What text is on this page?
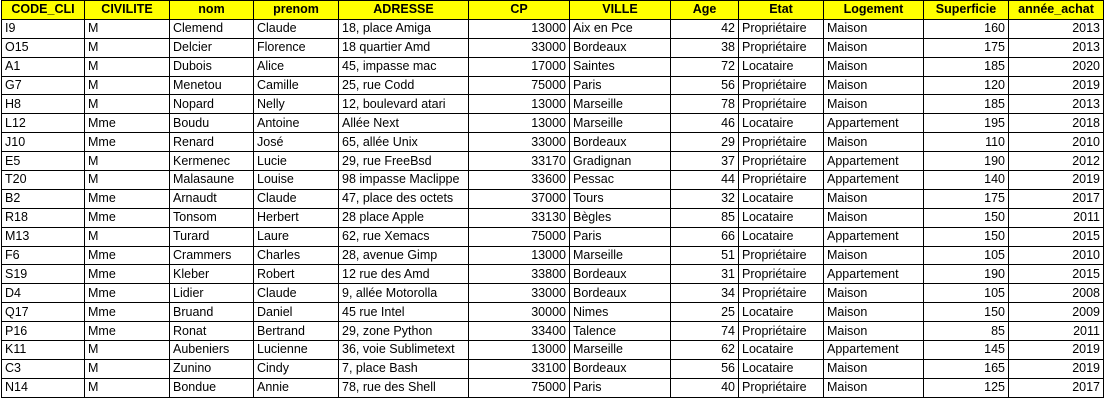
CODE_CLI	CIVILITE	nom	prenom	ADRESSE	CP	VILLE	Age	Etat	Logement	Superficie	année_achat
I9	M	Clemend	Claude	18, place Amiga	13000	Aix en Pce	42	Propriétaire	Maison	160	2013
O15	M	Delcier	Florence	18 quartier Amd	33000	Bordeaux	38	Propriétaire	Maison	175	2013
A1	M	Dubois	Alice	45, impasse mac	17000	Saintes	72	Locataire	Maison	185	2020
G7	M	Menetou	Camille	25, rue Codd	75000	Paris	56	Propriétaire	Maison	120	2019
H8	M	Nopard	Nelly	12, boulevard atari	13000	Marseille	78	Propriétaire	Maison	185	2013
L12	Mme	Boudu	Antoine	Allée Next	13000	Marseille	46	Locataire	Appartement	195	2018
J10	Mme	Renard	José	65, allée Unix	33000	Bordeaux	29	Propriétaire	Maison	110	2010
E5	M	Kermenec	Lucie	29, rue FreeBsd	33170	Gradignan	37	Propriétaire	Appartement	190	2012
T20	M	Malasaune	Louise	98 impasse Maclippe	33600	Pessac	44	Propriétaire	Appartement	140	2019
B2	Mme	Arnaudt	Claude	47, place des octets	37000	Tours	32	Locataire	Maison	175	2017
R18	Mme	Tonsom	Herbert	28 place Apple	33130	Bègles	85	Locataire	Maison	150	2011
M13	M	Turard	Laure	62, rue Xemacs	75000	Paris	66	Locataire	Appartement	150	2015
F6	Mme	Crammers	Charles	28, avenue Gimp	13000	Marseille	51	Propriétaire	Maison	105	2010
S19	Mme	Kleber	Robert	12 rue des Amd	33800	Bordeaux	31	Propriétaire	Appartement	190	2015
D4	Mme	Lidier	Claude	9, allée Motorolla	33000	Bordeaux	34	Propriétaire	Maison	105	2008
Q17	Mme	Bruand	Daniel	45 rue Intel	30000	Nimes	25	Locataire	Maison	150	2009
P16	Mme	Ronat	Bertrand	29, zone Python	33400	Talence	74	Propriétaire	Maison	85	2011
K11	M	Aubeniers	Lucienne	36, voie Sublimetext	13000	Marseille	62	Locataire	Appartement	145	2019
C3	M	Zunino	Cindy	7, place Bash	33100	Bordeaux	56	Locataire	Maison	165	2019
N14	M	Bondue	Annie	78, rue des Shell	75000	Paris	40	Propriétaire	Maison	125	2017
